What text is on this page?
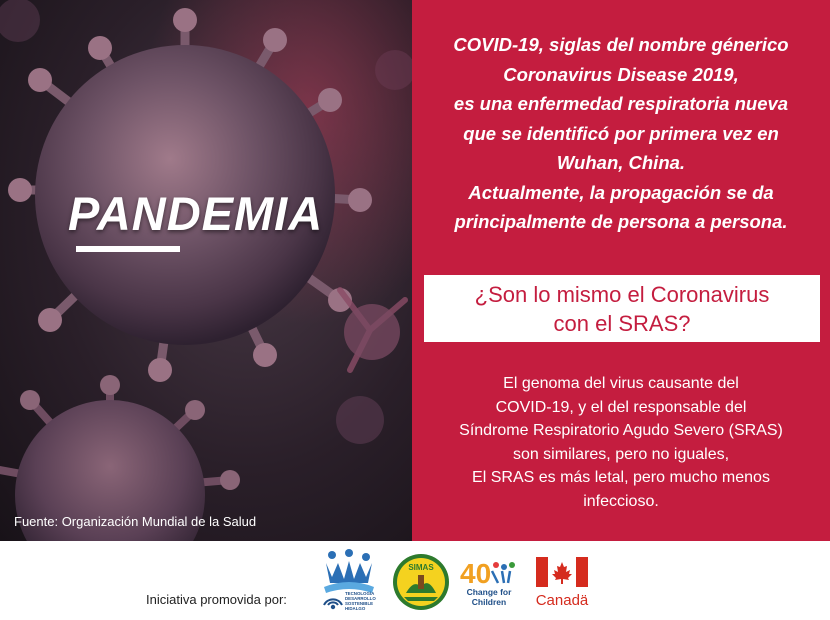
PANDEMIA
Fuente: Organización Mundial de la Salud
COVID-19, siglas del nombre génerico
Coronavirus Disease 2019,
es una enfermedad respiratoria nueva
que se identificó por primera vez en
Wuhan, China.
Actualmente, la propagación se da
principalmente de persona a persona.
¿Son lo mismo el Coronavirus
con el SRAS?
El genoma del virus causante del
COVID-19, y el del responsable del
Síndrome Respiratorio Agudo Severo (SRAS)
son similares, pero no iguales,
El SRAS es más letal, pero mucho menos
infeccioso.
Iniciativa promovida por:	TECNOLOGÍA
DESARROLLO
SOSTENIBLE
HIDALGO
SIMAS 40
Change for
Children Canadä
